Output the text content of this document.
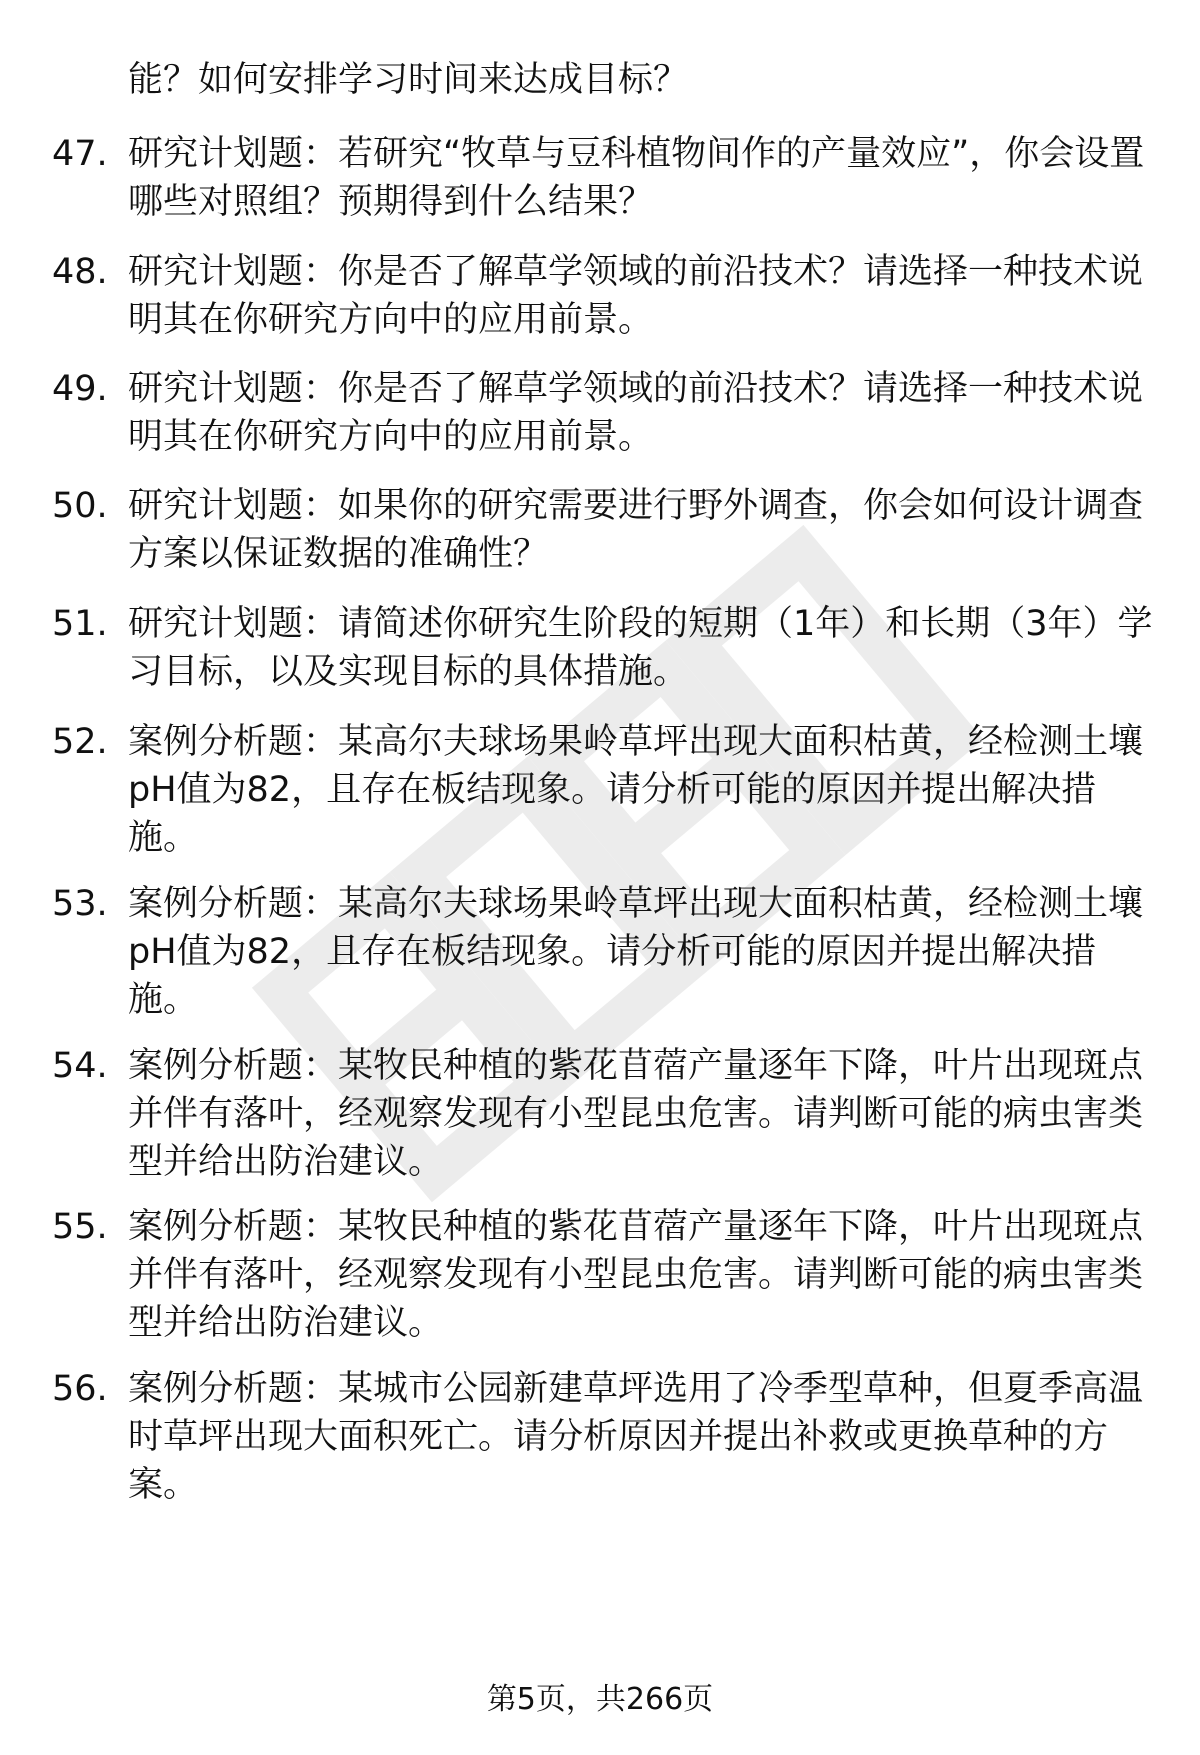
能？如何安排学习时间来达成目标？

47. 研究计划题：若研究“牧草与豆科植物间作的产量效应”，你会设置哪些对照组？预期得到什么结果？
48. 研究计划题：你是否了解草学领域的前沿技术？请选择一种技术说明其在你研究方向中的应用前景。
49. 研究计划题：你是否了解草学领域的前沿技术？请选择一种技术说明其在你研究方向中的应用前景。
50. 研究计划题：如果你的研究需要进行野外调查，你会如何设计调查方案以保证数据的准确性？
51. 研究计划题：请简述你研究生阶段的短期（1年）和长期（3年）学习目标，以及实现目标的具体措施。
52. 案例分析题：某高尔夫球场果岭草坪出现大面积枯黄，经检测土壤pH值为82，且存在板结现象。请分析可能的原因并提出解决措施。
53. 案例分析题：某高尔夫球场果岭草坪出现大面积枯黄，经检测土壤pH值为82，且存在板结现象。请分析可能的原因并提出解决措施。
54. 案例分析题：某牧民种植的紫花苜蓿产量逐年下降，叶片出现斑点并伴有落叶，经观察发现有小型昆虫危害。请判断可能的病虫害类型并给出防治建议。
55. 案例分析题：某牧民种植的紫花苜蓿产量逐年下降，叶片出现斑点并伴有落叶，经观察发现有小型昆虫危害。请判断可能的病虫害类型并给出防治建议。
56. 案例分析题：某城市公园新建草坪选用了冷季型草种，但夏季高温时草坪出现大面积死亡。请分析原因并提出补救或更换草种的方案。
第5页，共266页
